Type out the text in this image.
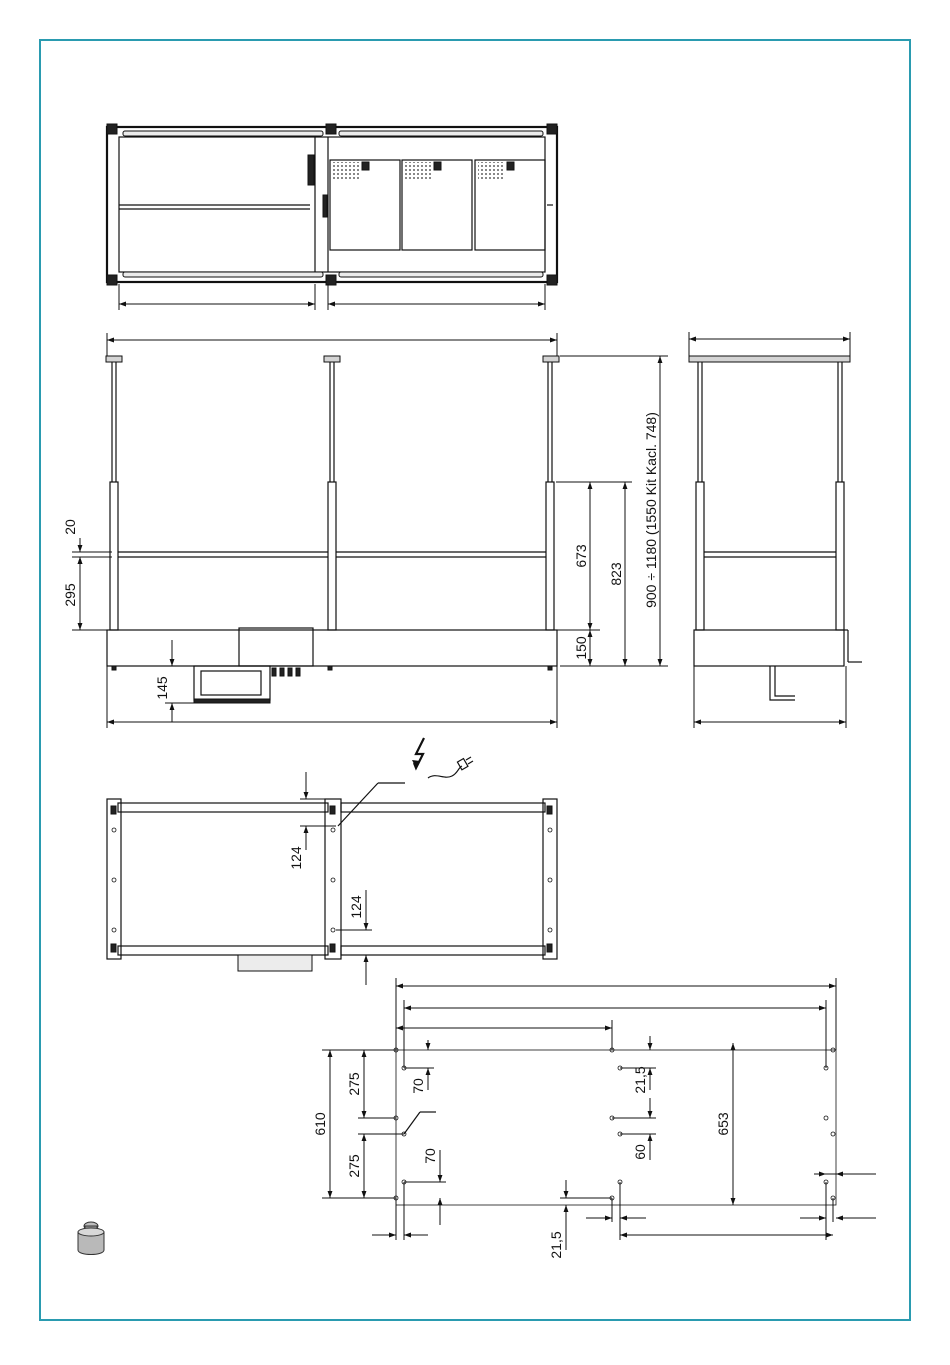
20
295
145
673
150
823 900 ÷ 1180 (1550 Kit Kacl. 748)
124
124
610
275
275
70	21,5
60
653
70
21,5
